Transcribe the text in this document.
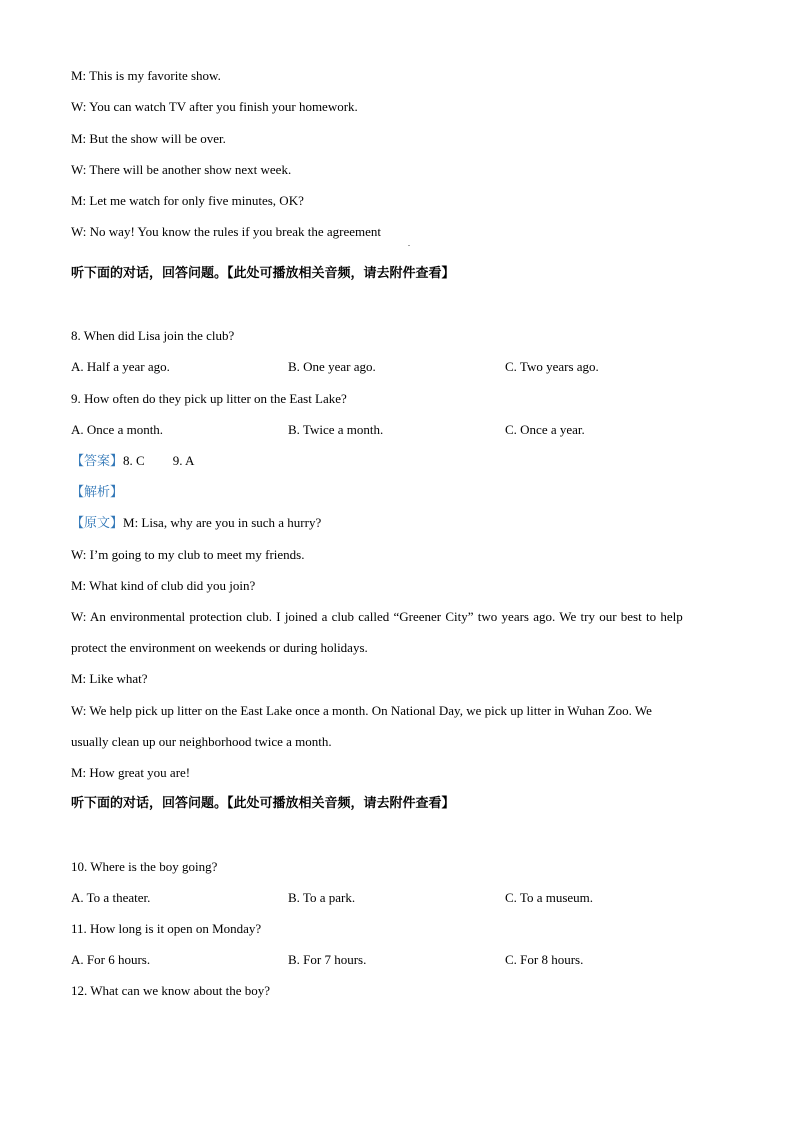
M: This is my favorite show.
W: You can watch TV after you finish your homework.
M: But the show will be over.
W: There will be another show next week.
M: Let me watch for only five minutes, OK?
W: No way! You know the rules if you break the agreement
.
听下面的对话，回答问题。【此处可播放相关音频，请去附件查看】
8. When did Lisa join the club?
A. Half a year ago.	B. One year ago.	C. Two years ago.
9. How often do they pick up litter on the East Lake?
A. Once a month.	B. Twice a month.	C. Once a year.
【答案】8. C 9. A
【解析】
【原文】M: Lisa, why are you in such a hurry?
W: I’m going to my club to meet my friends.
M: What kind of club did you join?
W: An environmental protection club. I joined a club called “Greener City” two years ago. We try our best to help
protect the environment on weekends or during holidays.
M: Like what?
W: We help pick up litter on the East Lake once a month. On National Day, we pick up litter in Wuhan Zoo. We
usually clean up our neighborhood twice a month.
M: How great you are!
听下面的对话，回答问题。【此处可播放相关音频，请去附件查看】
10. Where is the boy going?
A. To a theater.	B. To a park.	C. To a museum.
11. How long is it open on Monday?
A. For 6 hours.	B. For 7 hours.	C. For 8 hours.
12. What can we know about the boy?
